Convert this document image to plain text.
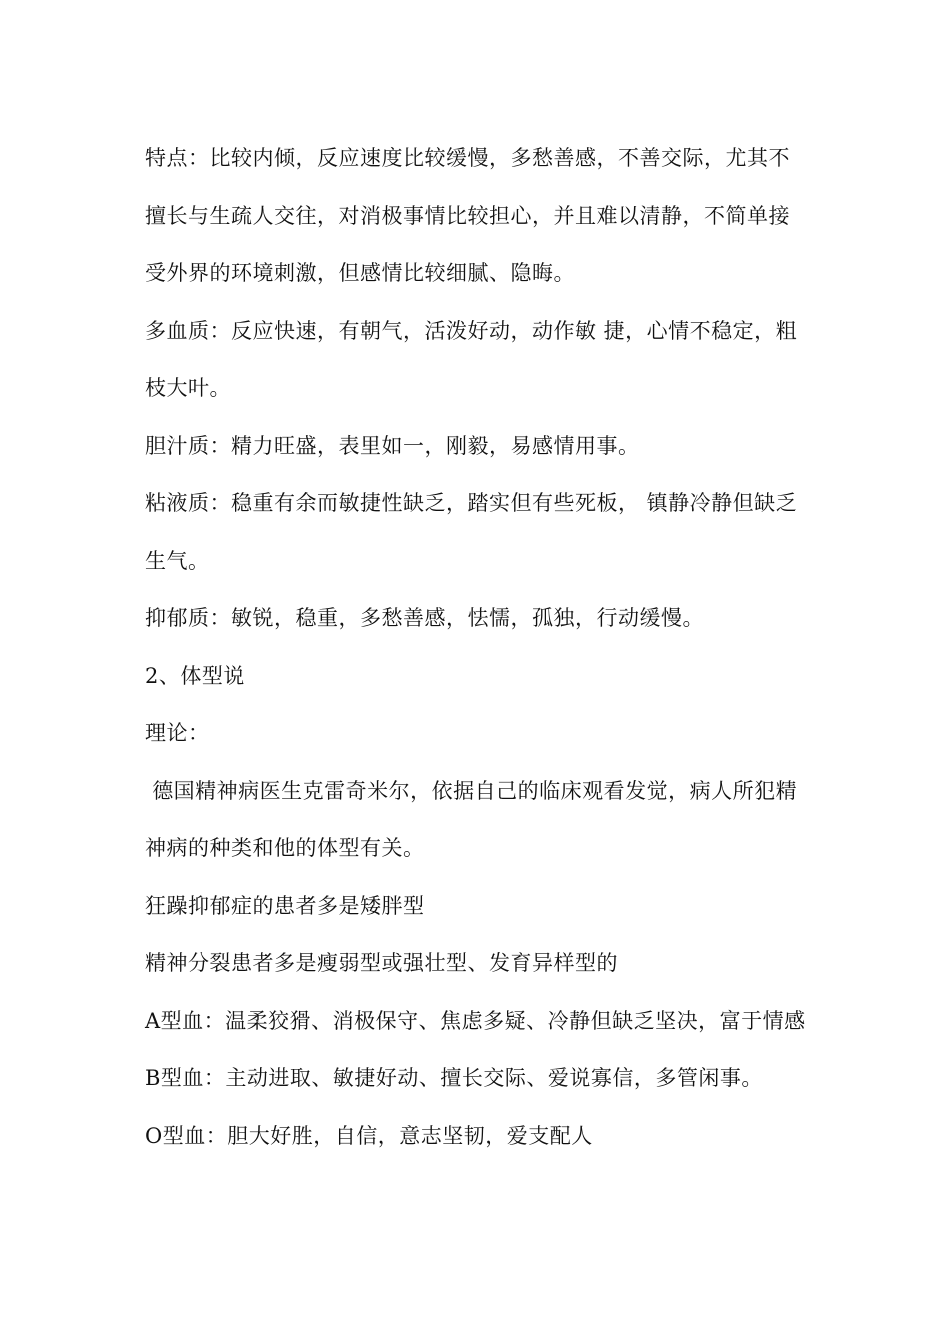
特点：比较内倾，反应速度比较缓慢，多愁善感，不善交际，尤其不擅长与生疏人交往，对消极事情比较担心，并且难以清静，不简单接受外界的环境刺激，但感情比较细腻、隐晦。

多血质：反应快速，有朝气，活泼好动，动作敏 捷，心情不稳定，粗枝大叶。

胆汁质：精力旺盛，表里如一，刚毅，易感情用事。

粘液质：稳重有余而敏捷性缺乏，踏实但有些死板， 镇静冷静但缺乏生气。

抑郁质：敏锐，稳重，多愁善感，怯懦，孤独，行动缓慢。

2、体型说

理论：

德国精神病医生克雷奇米尔，依据自己的临床观看发觉，病人所犯精神病的种类和他的体型有关。

狂躁抑郁症的患者多是矮胖型

精神分裂患者多是瘦弱型或强壮型、发育异样型的

A型血：温柔狡猾、消极保守、焦虑多疑、冷静但缺乏坚决，富于情感

B型血：主动进取、敏捷好动、擅长交际、爱说寡信，多管闲事。

O型血：胆大好胜，自信，意志坚韧，爱支配人
